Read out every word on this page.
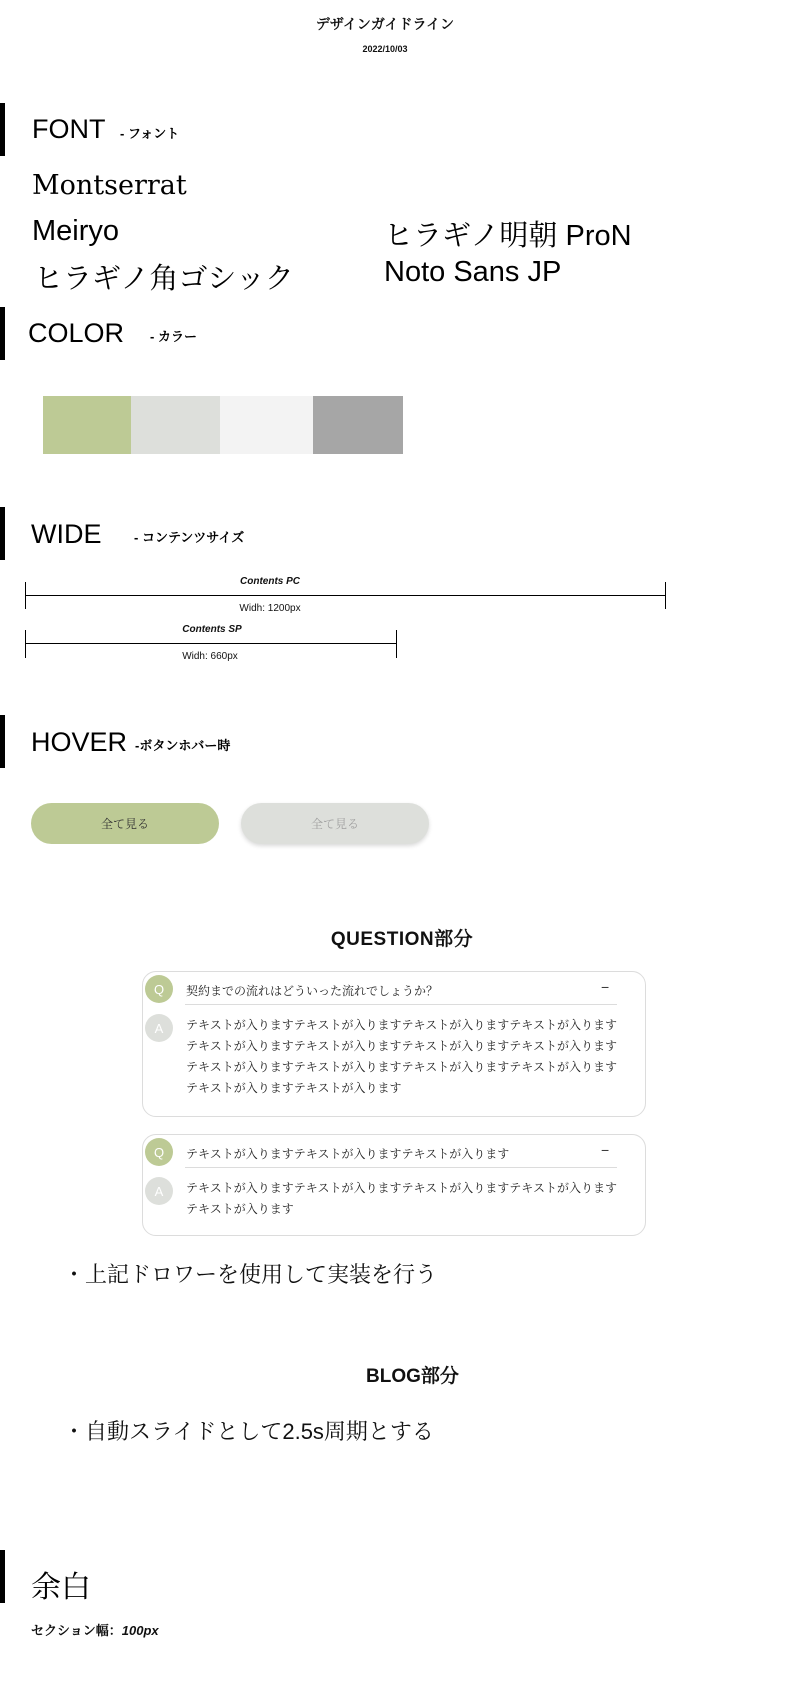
デザインガイドライン
2022/10/03
FONT - フォント
Montserrat
Meiryo	ヒラギノ明朝 ProN
ヒラギノ角ゴシック	Noto Sans JP
COLOR - カラー
WIDE	- コンテンツサイズ
Contents PC
Widh: 1200px
Contents SP
Widh: 660px
HOVER -ボタンホバー時
全て見る	全て見る
QUESTION部分
Q	契約までの流れはどういった流れでしょうか？	−
A	テキストが入りますテキストが入りますテキストが入りますテキストが入りますテキストが入りますテキストが入りますテキストが入りますテキストが入りますテキストが入りますテキストが入りますテキストが入りますテキストが入りますテキストが入りますテキストが入ります
Q	テキストが入りますテキストが入りますテキストが入ります	−
A	テキストが入りますテキストが入りますテキストが入りますテキストが入りますテキストが入ります
・上記ドロワーを使用して実装を行う
BLOG部分
・自動スライドとして2.5s周期とする
余白
セクション幅：100px
